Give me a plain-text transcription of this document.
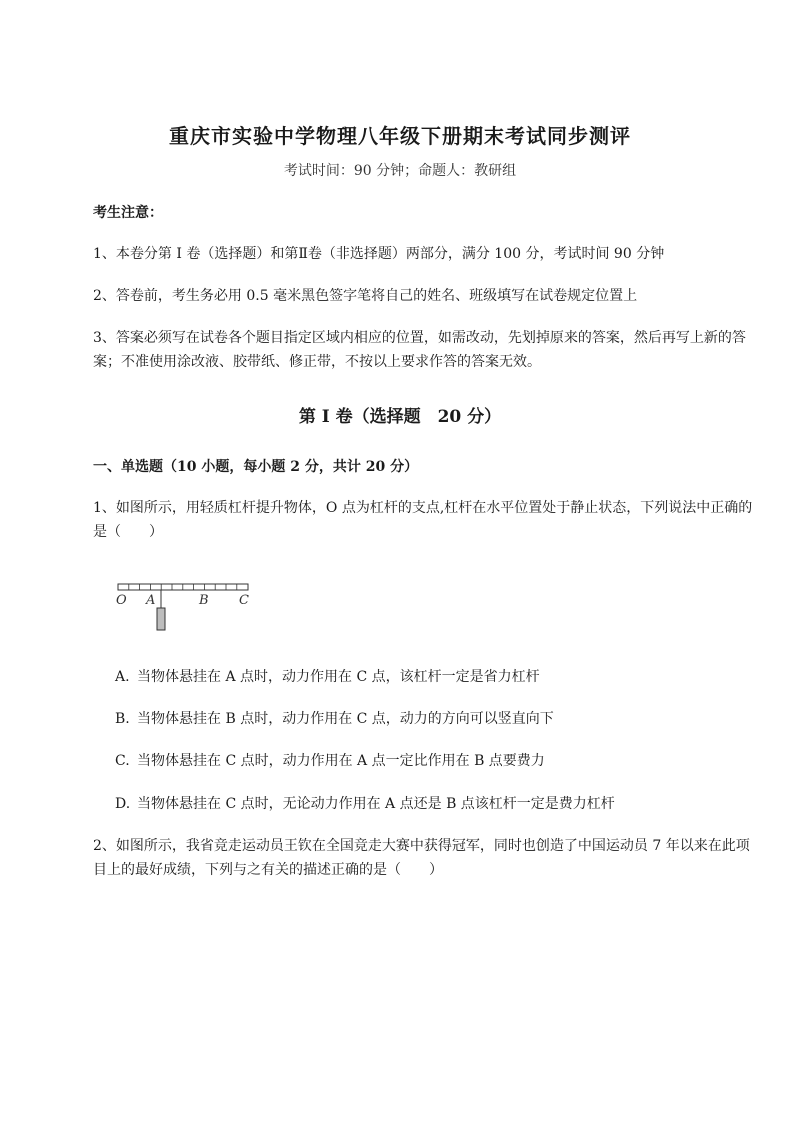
重庆市实验中学物理八年级下册期末考试同步测评
考试时间：90 分钟；命题人：教研组
考生注意：
1、本卷分第 I 卷（选择题）和第Ⅱ卷（非选择题）两部分，满分 100 分，考试时间 90 分钟
2、答卷前，考生务必用 0.5 毫米黑色签字笔将自己的姓名、班级填写在试卷规定位置上
3、答案必须写在试卷各个题目指定区域内相应的位置，如需改动，先划掉原来的答案，然后再写上新的答案；不准使用涂改液、胶带纸、修正带，不按以上要求作答的答案无效。
第 I 卷（选择题　20 分）
一、单选题（10 小题，每小题 2 分，共计 20 分）
1、如图所示，用轻质杠杆提升物体，O 点为杠杆的支点,杠杆在水平位置处于静止状态，下列说法中正确的是（　　）
O A	B C
A. 当物体悬挂在 A 点时，动力作用在 C 点，该杠杆一定是省力杠杆
B. 当物体悬挂在 B 点时，动力作用在 C 点，动力的方向可以竖直向下
C. 当物体悬挂在 C 点时，动力作用在 A 点一定比作用在 B 点要费力
D. 当物体悬挂在 C 点时，无论动力作用在 A 点还是 B 点该杠杆一定是费力杠杆
2、如图所示，我省竞走运动员王钦在全国竞走大赛中获得冠军，同时也创造了中国运动员 7 年以来在此项目上的最好成绩，下列与之有关的描述正确的是（　　）
